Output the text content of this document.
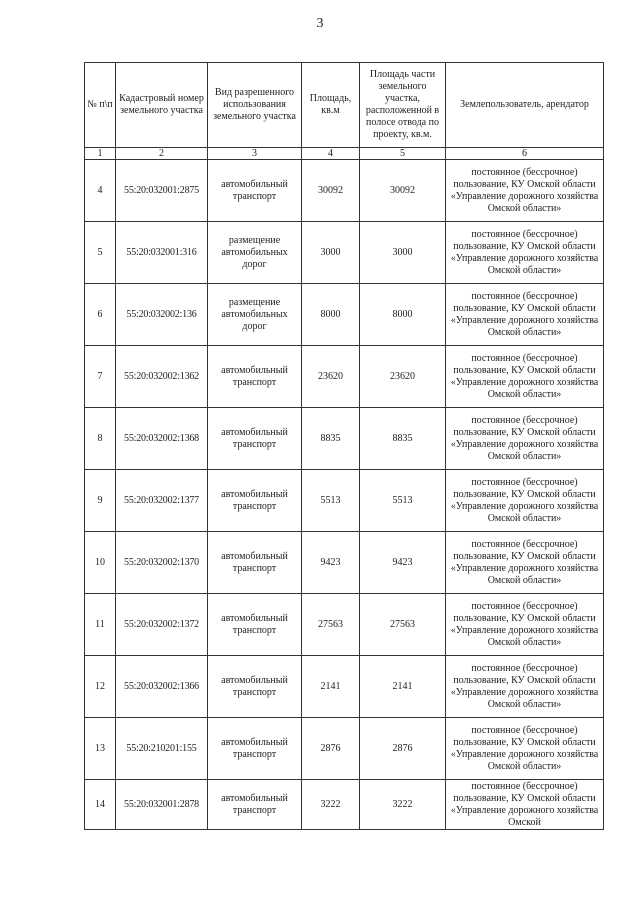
3
№ п\п	Кадастровый номер земельного участка	Вид разрешенного использования земельного участка	Площадь, кв.м	Площадь части земельного участка, расположенной в полосе отвода по проекту, кв.м.	Землепользователь, арендатор
1	2	3	4	5	6
4	55:20:032001:2875	автомобильный транспорт	30092	30092	постоянное (бессрочное) пользование, КУ Омской области «Управление дорожного хозяйства Омской области»
5	55:20:032001:316	размещение автомобильных дорог	3000	3000	постоянное (бессрочное) пользование, КУ Омской области «Управление дорожного хозяйства Омской области»
6	55:20:032002:136	размещение автомобильных дорог	8000	8000	постоянное (бессрочное) пользование, КУ Омской области «Управление дорожного хозяйства Омской области»
7	55:20:032002:1362	автомобильный транспорт	23620	23620	постоянное (бессрочное) пользование, КУ Омской области «Управление дорожного хозяйства Омской области»
8	55:20:032002:1368	автомобильный транспорт	8835	8835	постоянное (бессрочное) пользование, КУ Омской области «Управление дорожного хозяйства Омской области»
9	55:20:032002:1377	автомобильный транспорт	5513	5513	постоянное (бессрочное) пользование, КУ Омской области «Управление дорожного хозяйства Омской области»
10	55:20:032002:1370	автомобильный транспорт	9423	9423	постоянное (бессрочное) пользование, КУ Омской области «Управление дорожного хозяйства Омской области»
11	55:20:032002:1372	автомобильный транспорт	27563	27563	постоянное (бессрочное) пользование, КУ Омской области «Управление дорожного хозяйства Омской области»
12	55:20:032002:1366	автомобильный транспорт	2141	2141	постоянное (бессрочное) пользование, КУ Омской области «Управление дорожного хозяйства Омской области»
13	55:20:210201:155	автомобильный транспорт	2876	2876	постоянное (бессрочное) пользование, КУ Омской области «Управление дорожного хозяйства Омской области»
14	55:20:032001:2878	автомобильный транспорт	3222	3222	постоянное (бессрочное) пользование, КУ Омской области «Управление дорожного хозяйства Омской
